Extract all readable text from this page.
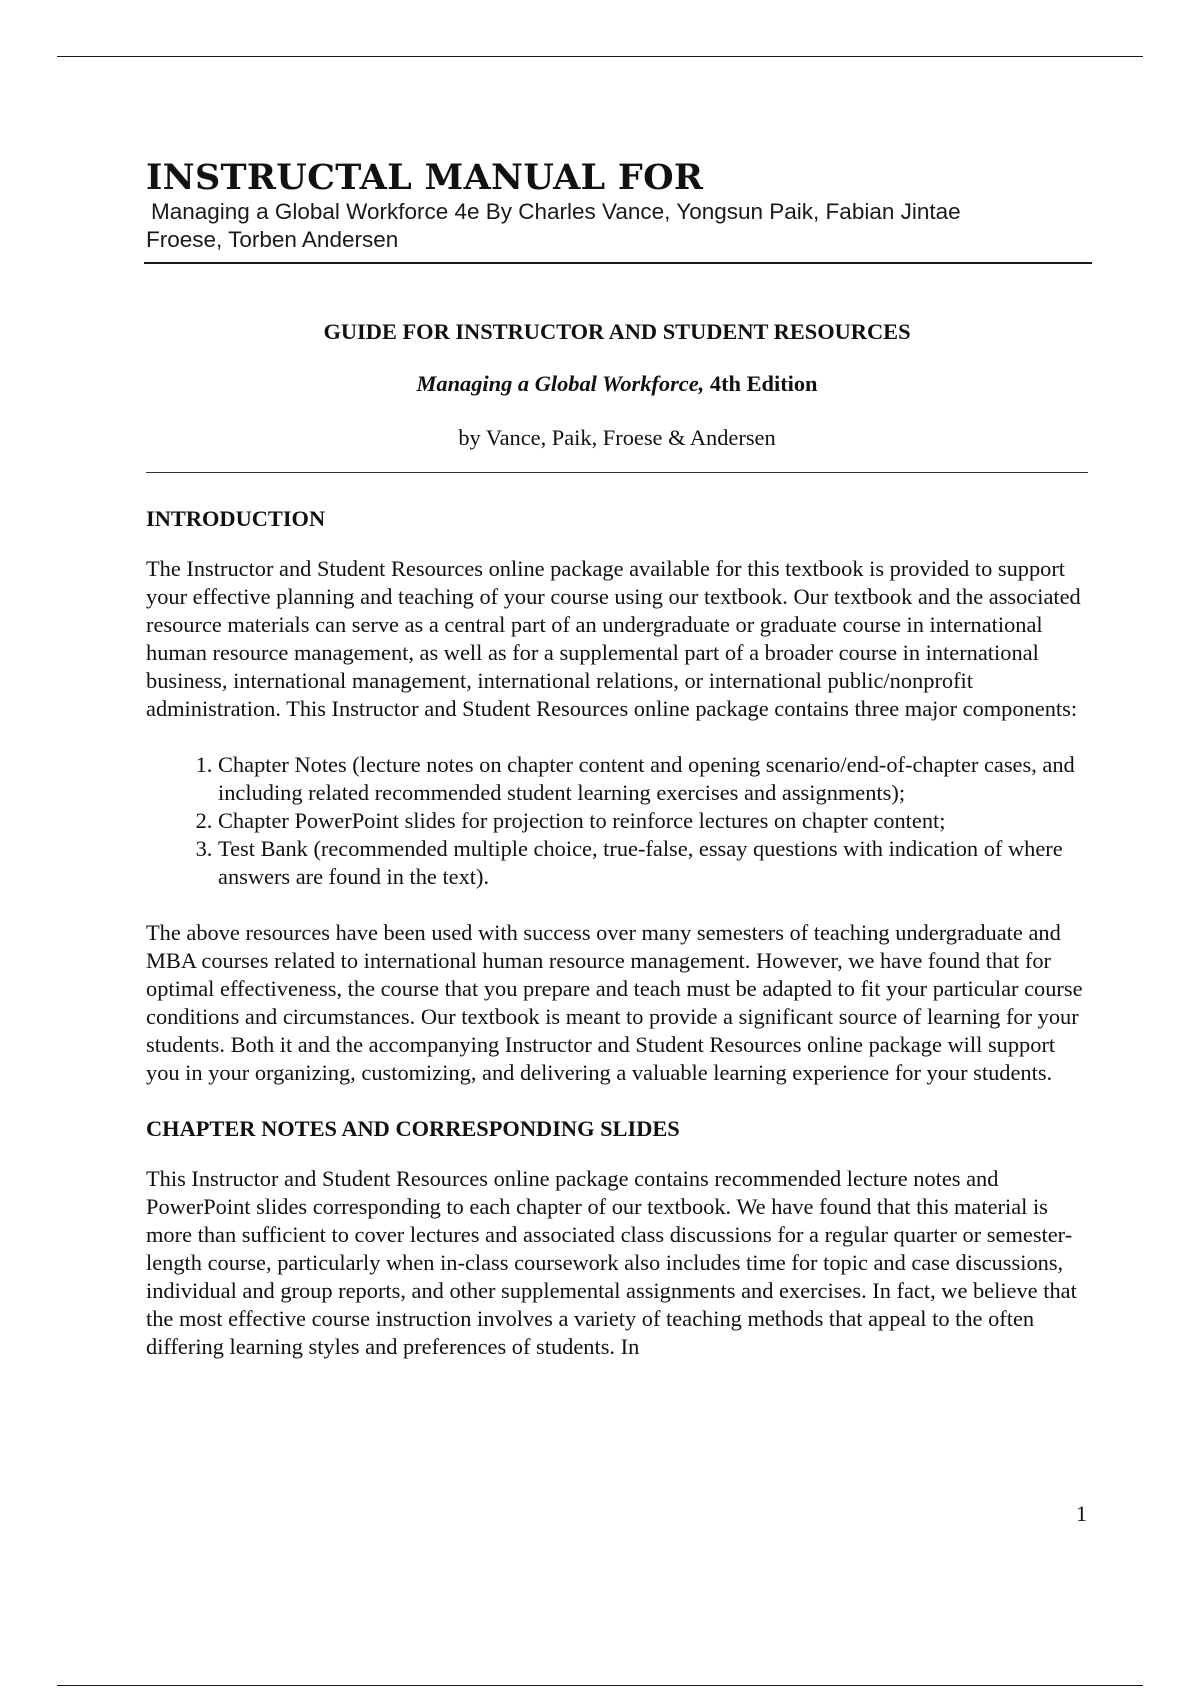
INSTRUCTAL MANUAL FOR

Managing a Global Workforce 4e By Charles Vance, Yongsun Paik, Fabian Jintae

Froese, Torben Andersen

GUIDE FOR INSTRUCTOR AND STUDENT RESOURCES

Managing a Global Workforce, 4th Edition

by Vance, Paik, Froese & Andersen

INTRODUCTION

The Instructor and Student Resources online package available for this textbook is provided to support your effective planning and teaching of your course using our textbook. Our textbook and the associated resource materials can serve as a central part of an undergraduate or graduate course in international human resource management, as well as for a supplemental part of a broader course in international business, international management, international relations, or international public/nonprofit administration. This Instructor and Student Resources online package contains three major components:

1. Chapter Notes (lecture notes on chapter content and opening scenario/end-of-chapter cases, and including related recommended student learning exercises and assignments);
2. Chapter PowerPoint slides for projection to reinforce lectures on chapter content;
3. Test Bank (recommended multiple choice, true-false, essay questions with indication of where answers are found in the text).

The above resources have been used with success over many semesters of teaching undergraduate and MBA courses related to international human resource management. However, we have found that for optimal effectiveness, the course that you prepare and teach must be adapted to fit your particular course conditions and circumstances. Our textbook is meant to provide a significant source of learning for your students. Both it and the accompanying Instructor and Student Resources online package will support you in your organizing, customizing, and delivering a valuable learning experience for your students.

CHAPTER NOTES AND CORRESPONDING SLIDES

This Instructor and Student Resources online package contains recommended lecture notes and PowerPoint slides corresponding to each chapter of our textbook. We have found that this material is more than sufficient to cover lectures and associated class discussions for a regular quarter or semester-length course, particularly when in-class coursework also includes time for topic and case discussions, individual and group reports, and other supplemental assignments and exercises. In fact, we believe that the most effective course instruction involves a variety of teaching methods that appeal to the often differing learning styles and preferences of students. In

1
